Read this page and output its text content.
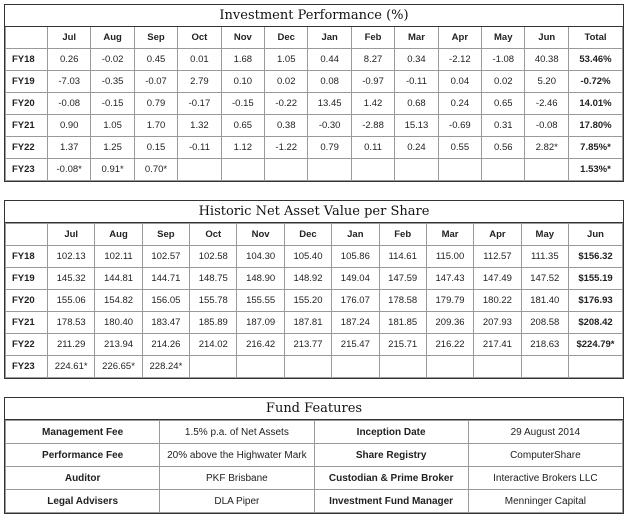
Investment Performance (%)
	Jul	Aug	Sep	Oct	Nov	Dec	Jan	Feb	Mar	Apr	May	Jun	Total
FY18	0.26	-0.02	0.45	0.01	1.68	1.05	0.44	8.27	0.34	-2.12	-1.08	40.38	53.46%
FY19	-7.03	-0.35	-0.07	2.79	0.10	0.02	0.08	-0.97	-0.11	0.04	0.02	5.20	-0.72%
FY20	-0.08	-0.15	0.79	-0.17	-0.15	-0.22	13.45	1.42	0.68	0.24	0.65	-2.46	14.01%
FY21	0.90	1.05	1.70	1.32	0.65	0.38	-0.30	-2.88	15.13	-0.69	0.31	-0.08	17.80%
FY22	1.37	1.25	0.15	-0.11	1.12	-1.22	0.79	0.11	0.24	0.55	0.56	2.82*	7.85%*
FY23	-0.08*	0.91*	0.70*										1.53%*
Historic Net Asset Value per Share
	Jul	Aug	Sep	Oct	Nov	Dec	Jan	Feb	Mar	Apr	May	Jun
FY18	102.13	102.11	102.57	102.58	104.30	105.40	105.86	114.61	115.00	112.57	111.35	$156.32
FY19	145.32	144.81	144.71	148.75	148.90	148.92	149.04	147.59	147.43	147.49	147.52	$155.19
FY20	155.06	154.82	156.05	155.78	155.55	155.20	176.07	178.58	179.79	180.22	181.40	$176.93
FY21	178.53	180.40	183.47	185.89	187.09	187.81	187.24	181.85	209.36	207.93	208.58	$208.42
FY22	211.29	213.94	214.26	214.02	216.42	213.77	215.47	215.71	216.22	217.41	218.63	$224.79*
FY23	224.61*	226.65*	228.24*									
Fund Features
Management Fee	1.5% p.a. of Net Assets	Inception Date	29 August 2014
Performance Fee	20% above the Highwater Mark	Share Registry	ComputerShare
Auditor	PKF Brisbane	Custodian & Prime Broker	Interactive Brokers LLC
Legal Advisers	DLA Piper	Investment Fund Manager	Menninger Capital
